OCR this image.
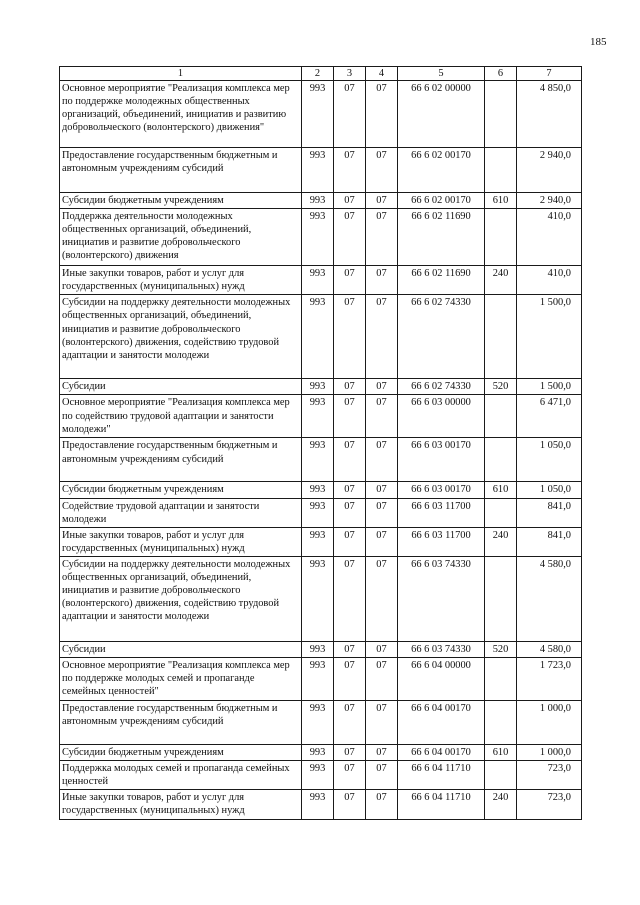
185
1	2	3	4	5	6	7
Основное мероприятие "Реализация комплекса мер по поддержке молодежных общественных организаций, объединений, инициатив и развитию добровольческого (волонтерского) движения"	993	07	07	66 6 02 00000		4 850,0
Предоставление государственным бюджетным и автономным учреждениям субсидий	993	07	07	66 6 02 00170		2 940,0
Субсидии бюджетным учреждениям	993	07	07	66 6 02 00170	610	2 940,0
Поддержка деятельности молодежных общественных организаций, объединений, инициатив и развитие добровольческого (волонтерского) движения	993	07	07	66 6 02 11690		410,0
Иные закупки товаров, работ и услуг для государственных (муниципальных) нужд	993	07	07	66 6 02 11690	240	410,0
Субсидии на поддержку деятельности молодежных общественных организаций, объединений, инициатив и развитие добровольческого (волонтерского) движения, содействию трудовой адаптации и занятости молодежи	993	07	07	66 6 02 74330		1 500,0
Субсидии	993	07	07	66 6 02 74330	520	1 500,0
Основное мероприятие "Реализация комплекса мер по содействию трудовой адаптации и занятости молодежи"	993	07	07	66 6 03 00000		6 471,0
Предоставление государственным бюджетным и автономным учреждениям субсидий	993	07	07	66 6 03 00170		1 050,0
Субсидии бюджетным учреждениям	993	07	07	66 6 03 00170	610	1 050,0
Содействие трудовой адаптации и занятости молодежи	993	07	07	66 6 03 11700		841,0
Иные закупки товаров, работ и услуг для государственных (муниципальных) нужд	993	07	07	66 6 03 11700	240	841,0
Субсидии на поддержку деятельности молодежных общественных организаций, объединений, инициатив и развитие добровольческого (волонтерского) движения, содействию трудовой адаптации и занятости молодежи	993	07	07	66 6 03 74330		4 580,0
Субсидии	993	07	07	66 6 03 74330	520	4 580,0
Основное мероприятие "Реализация комплекса мер по поддержке молодых семей и пропаганде семейных ценностей"	993	07	07	66 6 04 00000		1 723,0
Предоставление государственным бюджетным и автономным учреждениям субсидий	993	07	07	66 6 04 00170		1 000,0
Субсидии бюджетным учреждениям	993	07	07	66 6 04 00170	610	1 000,0
Поддержка молодых семей и пропаганда семейных ценностей	993	07	07	66 6 04 11710		723,0
Иные закупки товаров, работ и услуг для государственных (муниципальных) нужд	993	07	07	66 6 04 11710	240	723,0
